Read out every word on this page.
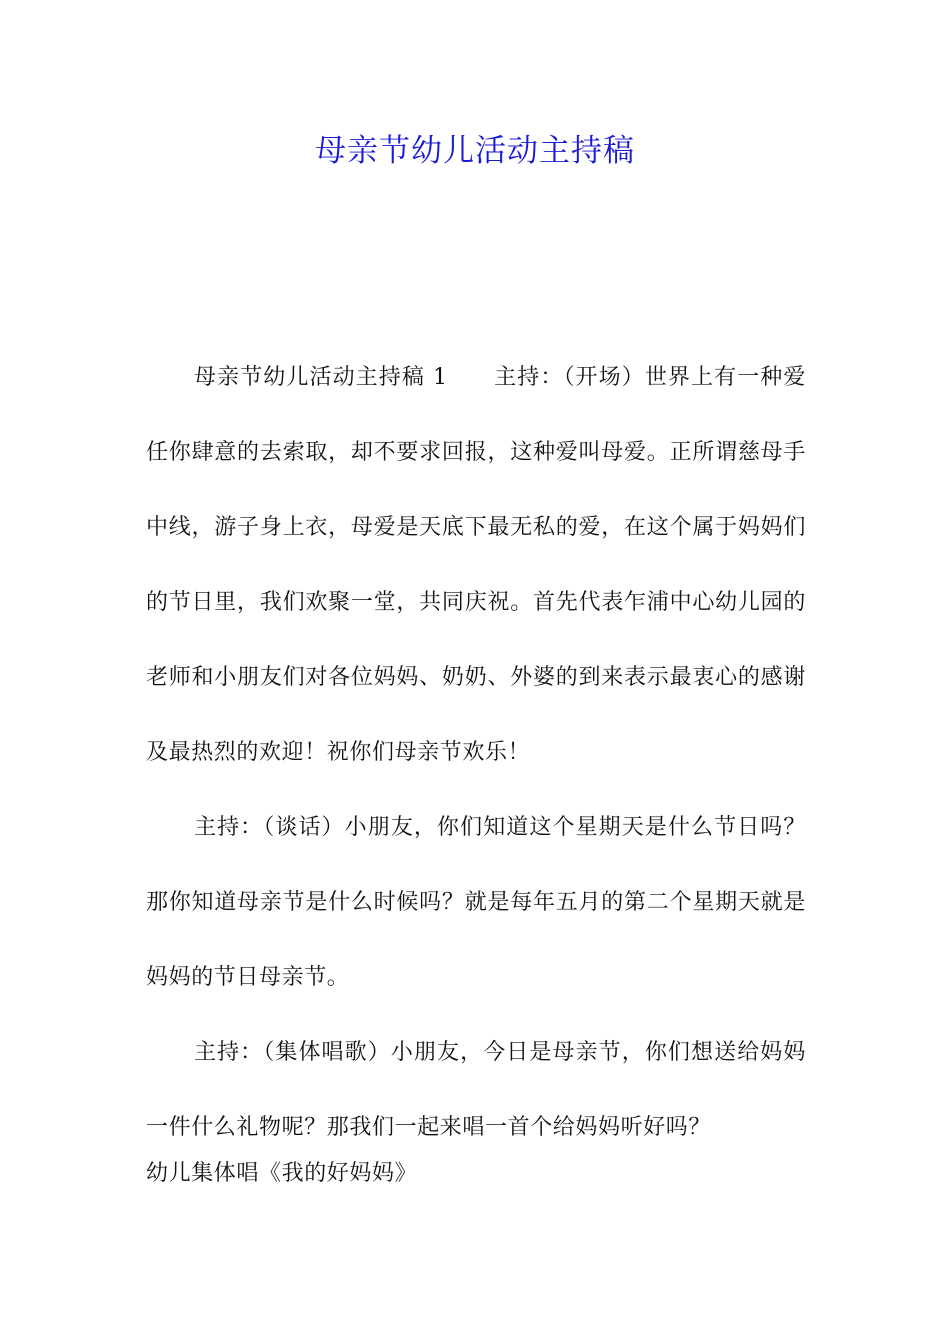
母亲节幼儿活动主持稿

母亲节幼儿活动主持稿 1 主持：（开场）世界上有一种爱任你肆意的去索取，却不要求回报，这种爱叫母爱。正所谓慈母手中线，游子身上衣，母爱是天底下最无私的爱，在这个属于妈妈们的节日里，我们欢聚一堂，共同庆祝。首先代表乍浦中心幼儿园的老师和小朋友们对各位妈妈、奶奶、外婆的到来表示最衷心的感谢及最热烈的欢迎！祝你们母亲节欢乐！

主持：（谈话）小朋友，你们知道这个星期天是什么节日吗？那你知道母亲节是什么时候吗？就是每年五月的第二个星期天就是妈妈的节日母亲节。

主持：（集体唱歌）小朋友，今日是母亲节，你们想送给妈妈一件什么礼物呢？那我们一起来唱一首个给妈妈听好吗？

幼儿集体唱《我的好妈妈》
